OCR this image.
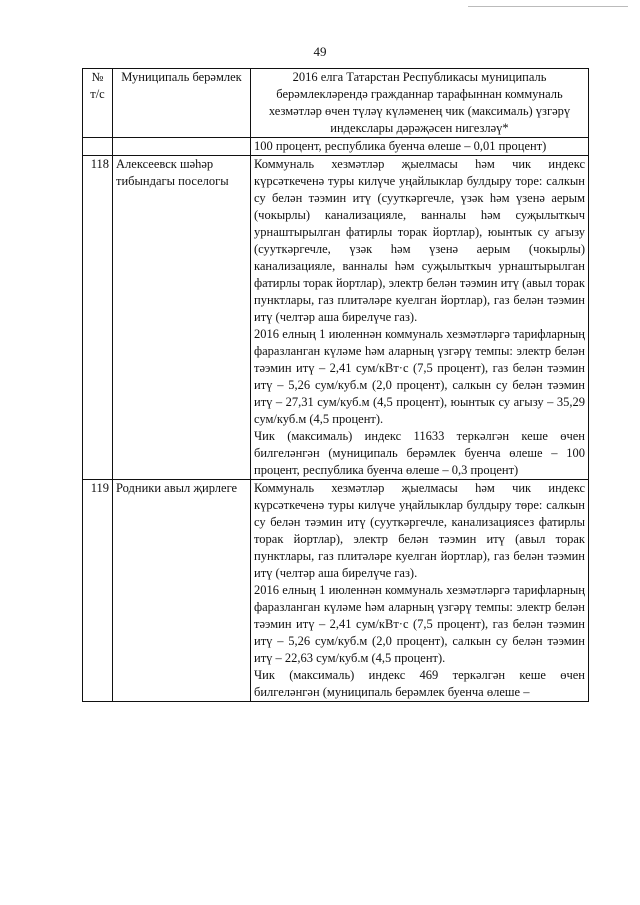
49
№ т/с	Муниципаль берәмлек	2016 елга Татарстан Республикасы муниципаль берәмлекләрендә гражданнар тарафыннан коммуналь хезмәтләр өчен түләү күләменең чик (максималь) үзгәрү индекслары дәрәҗәсен нигезләү*

		100 процент, республика буенча өлеше – 0,01 процент)

118	Алексеевск шәһәр тибындагы поселогы	Коммуналь хезмәтләр җыелмасы һәм чик индекс күрсәткеченә туры килүче уңайлыклар булдыру торе: салкын су белән тәэмин итү (сууткәргечле, үзәк һәм үзенә аерым (чокырлы) канализацияле, ванналы һәм суҗылыткыч урнаштырылган фатирлы торак йортлар), юынтык су агызу (сууткәргечле, үзәк һәм үзенә аерым (чокырлы) канализацияле, ванналы һәм суҗылыткыч урнаштырылган фатирлы торак йортлар), электр белән тәэмин итү (авыл торак пунктлары, газ плитәләре куелган йортлар), газ белән тәэмин итү (челтәр аша бирелүче газ).

2016 елның 1 июленнән коммуналь хезмәтләргә тарифларның фаразланган күләме һәм аларның үзгәрү темпы: электр белән тәэмин итү – 2,41 сум/кВт·с (7,5 процент), газ белән тәэмин итү – 5,26 сум/куб.м (2,0 процент), салкын су белән тәэмин итү – 27,31 сум/куб.м (4,5 процент), юынтык су агызу – 35,29 сум/куб.м (4,5 процент).

Чик (максималь) индекс 11633 теркәлгән кеше өчен билгеләнгән (муниципаль берәмлек буенча өлеше – 100 процент, республика буенча өлеше – 0,3 процент)

119	Родники авыл җирлеге	Коммуналь хезмәтләр җыелмасы һәм чик индекс күрсәткеченә туры килүче уңайлыклар булдыру төре: салкын су белән тәэмин итү (сууткәргечле, канализациясез фатирлы торак йортлар), электр белән тәэмин итү (авыл торак пунктлары, газ плитәләре куелган йортлар), газ белән тәэмин итү (челтәр аша бирелүче газ).

2016 елның 1 июленнән коммуналь хезмәтләргә тарифларның фаразланган күләме һәм аларның үзгәрү темпы: электр белән тәэмин итү – 2,41 сум/кВт·с (7,5 процент), газ белән тәэмин итү – 5,26 сум/куб.м (2,0 процент), салкын су белән тәэмин итү – 22,63 сум/куб.м (4,5 процент).

Чик (максималь) индекс 469 теркәлгән кеше өчен билгеләнгән (муниципаль берәмлек буенча өлеше –
